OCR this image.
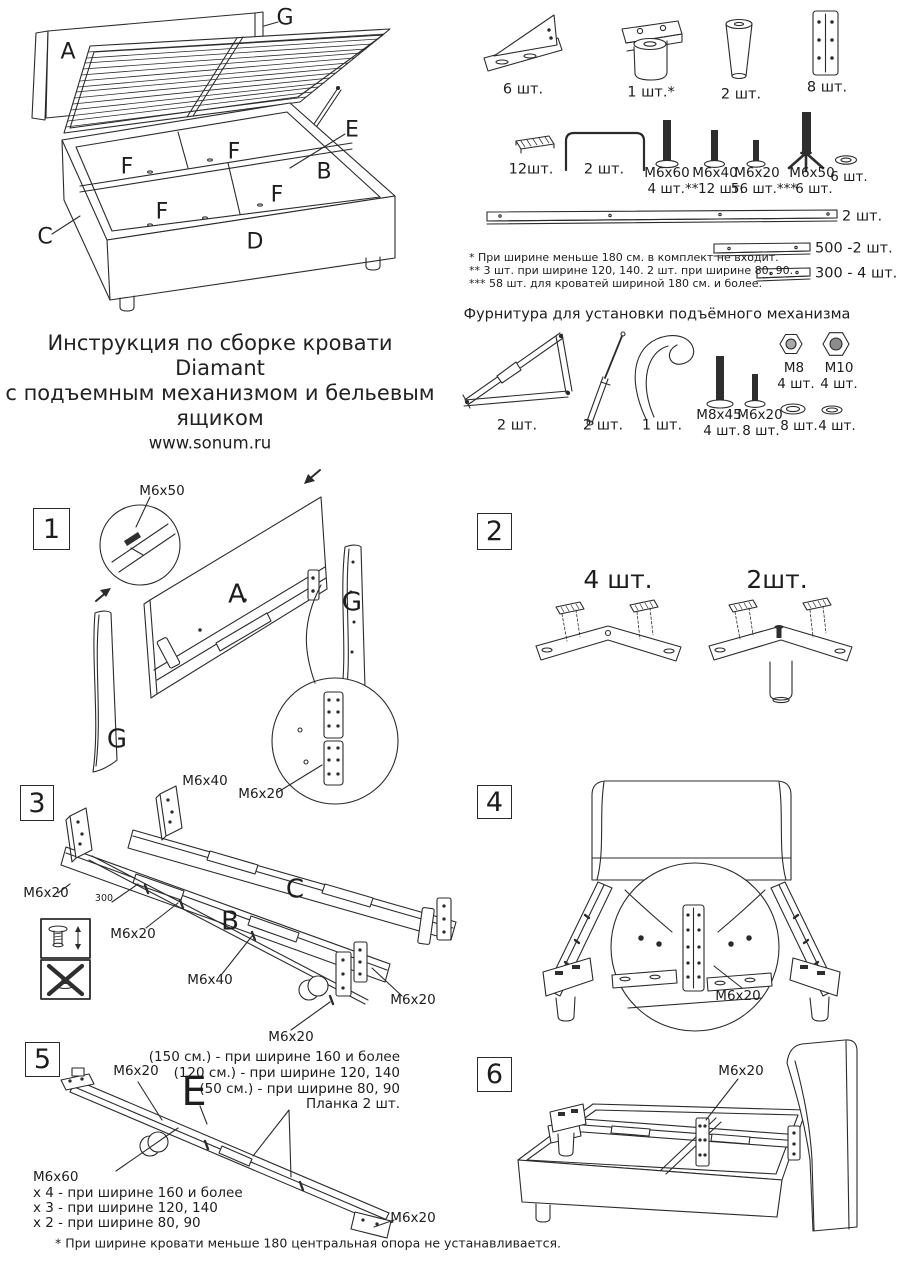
Инструкция по сборке кровати Diamant
с подъемным механизмом и бельевым ящиком
www.sonum.ru
A
G
E
F
F
B
F
F
C	D
6 шт.	1 шт.*	2 шт.	8 шт.
12шт. 2 шт. M6x60
4 шт.**
M6x40
12 шт.
M6x20
56 шт.***
M6x50
6 шт.
6 шт.
2 шт.
500 -2 шт.
300 - 4 шт.
* При ширине меньше 180 см. в комплект не входит.
** 3 шт. при ширине 120, 140. 2 шт. при ширине 80. 90.
*** 58 шт. для кроватей шириной 180 см. и более.
Фурнитура для установки подъёмного механизма
2 шт.	2 шт. 1 шт.
M8x45
4 шт.
M6x20
8 шт.
M8
4 шт.
M10
4 шт.
8 шт. 4 шт.
1	2
3	4
5	6
M6x50
A	G
G
M6x40
M6x20
4 шт.	2шт.
M6x20	300
M6x20	B
C
M6x40
M6x20
M6x20
M6x20
M6x20 E
(150 см.) - при ширине 160 и более
(120 см.) - при ширине 120, 140
(50 см.) - при ширине 80, 90
Планка 2 шт.
M6x60
x 4 - при ширине 160 и более
x 3 - при ширине 120, 140
x 2 - при ширине 80, 90	M6x20
* При ширине кровати меньше 180 центральная опора не устанавливается.
M6x20
